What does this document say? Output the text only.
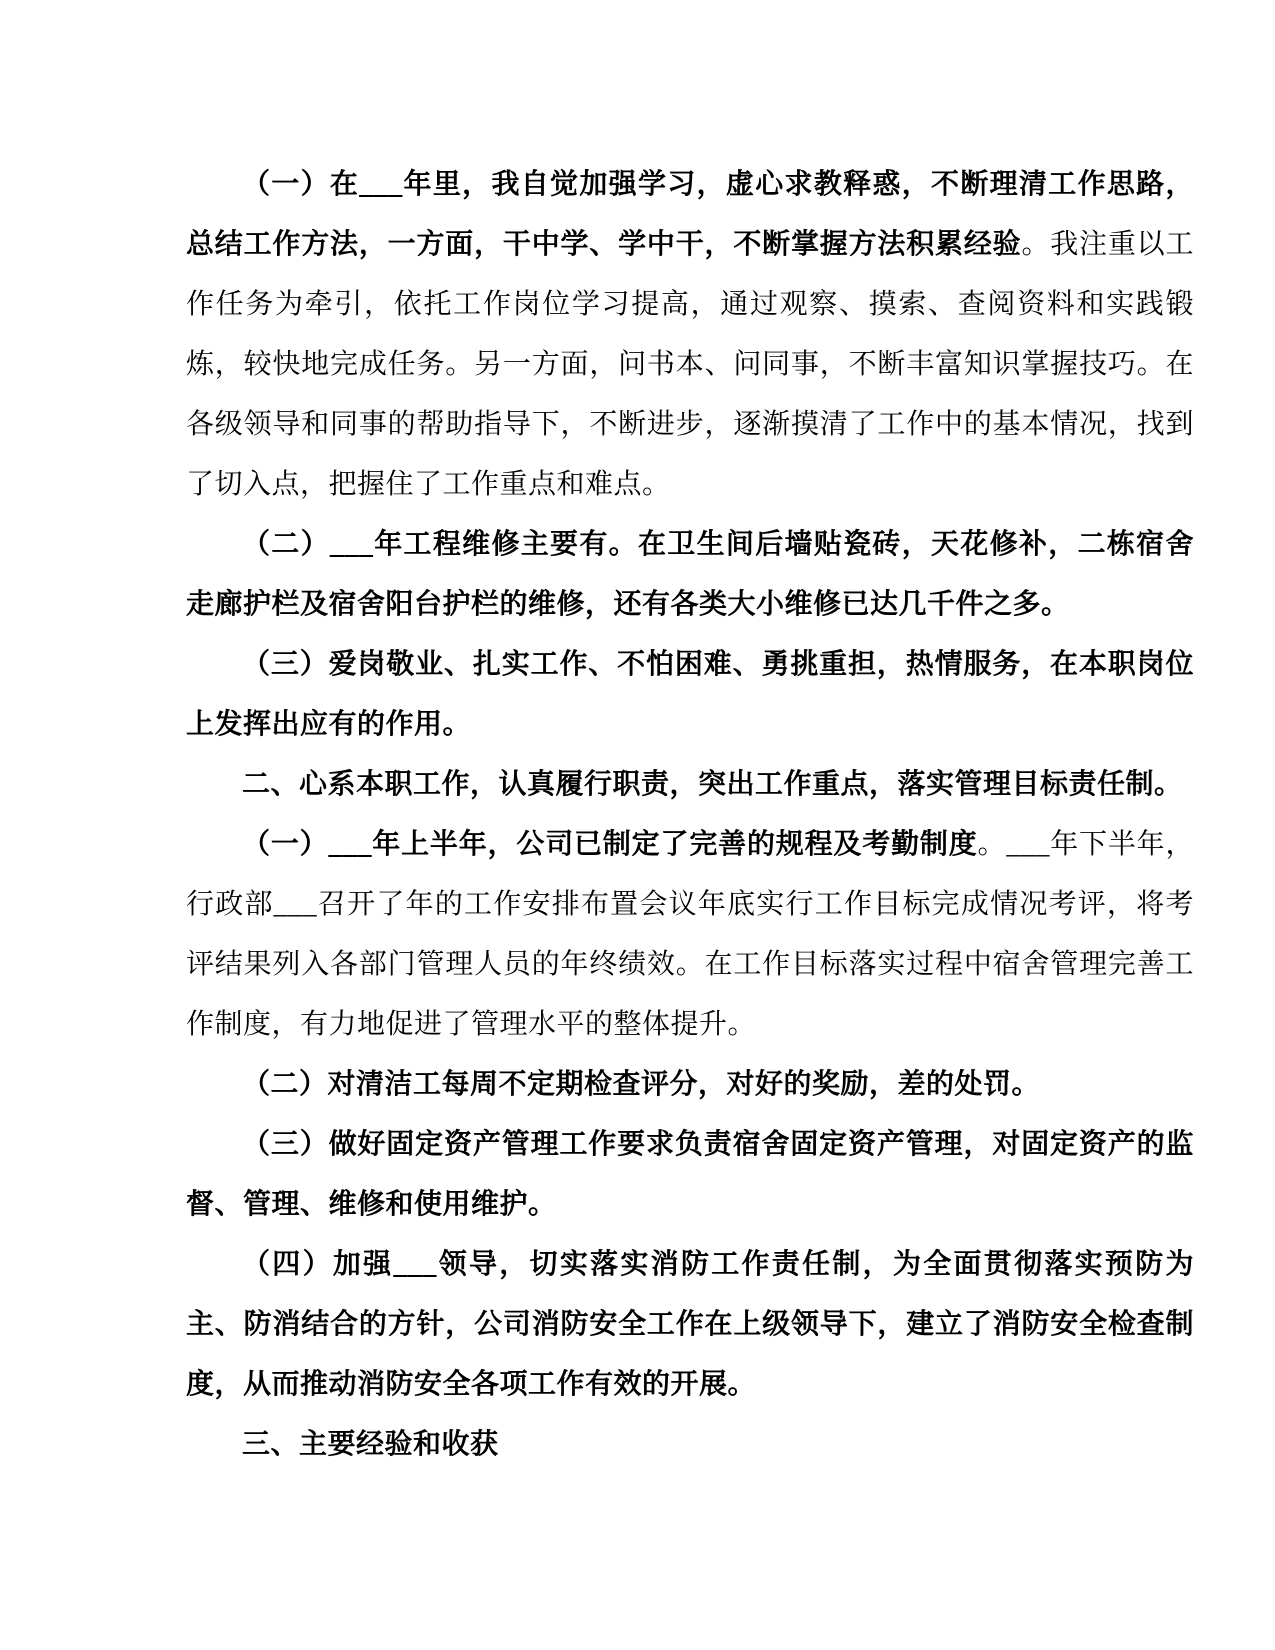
（一）在___年里，我自觉加强学习，虚心求教释惑，不断理清工作思路，总结工作方法，一方面，干中学、学中干，不断掌握方法积累经验。我注重以工作任务为牵引，依托工作岗位学习提高，通过观察、摸索、查阅资料和实践锻炼，较快地完成任务。另一方面，问书本、问同事，不断丰富知识掌握技巧。在各级领导和同事的帮助指导下，不断进步，逐渐摸清了工作中的基本情况，找到了切入点，把握住了工作重点和难点。

（二）___年工程维修主要有。在卫生间后墙贴瓷砖，天花修补，二栋宿舍走廊护栏及宿舍阳台护栏的维修，还有各类大小维修已达几千件之多。

（三）爱岗敬业、扎实工作、不怕困难、勇挑重担，热情服务，在本职岗位上发挥出应有的作用。

二、心系本职工作，认真履行职责，突出工作重点，落实管理目标责任制。

（一）___年上半年，公司已制定了完善的规程及考勤制度。___年下半年，行政部___召开了年的工作安排布置会议年底实行工作目标完成情况考评，将考评结果列入各部门管理人员的年终绩效。在工作目标落实过程中宿舍管理完善工作制度，有力地促进了管理水平的整体提升。

（二）对清洁工每周不定期检查评分，对好的奖励，差的处罚。

（三）做好固定资产管理工作要求负责宿舍固定资产管理，对固定资产的监督、管理、维修和使用维护。

（四）加强___领导，切实落实消防工作责任制，为全面贯彻落实预防为主、防消结合的方针，公司消防安全工作在上级领导下，建立了消防安全检查制度，从而推动消防安全各项工作有效的开展。

三、主要经验和收获
